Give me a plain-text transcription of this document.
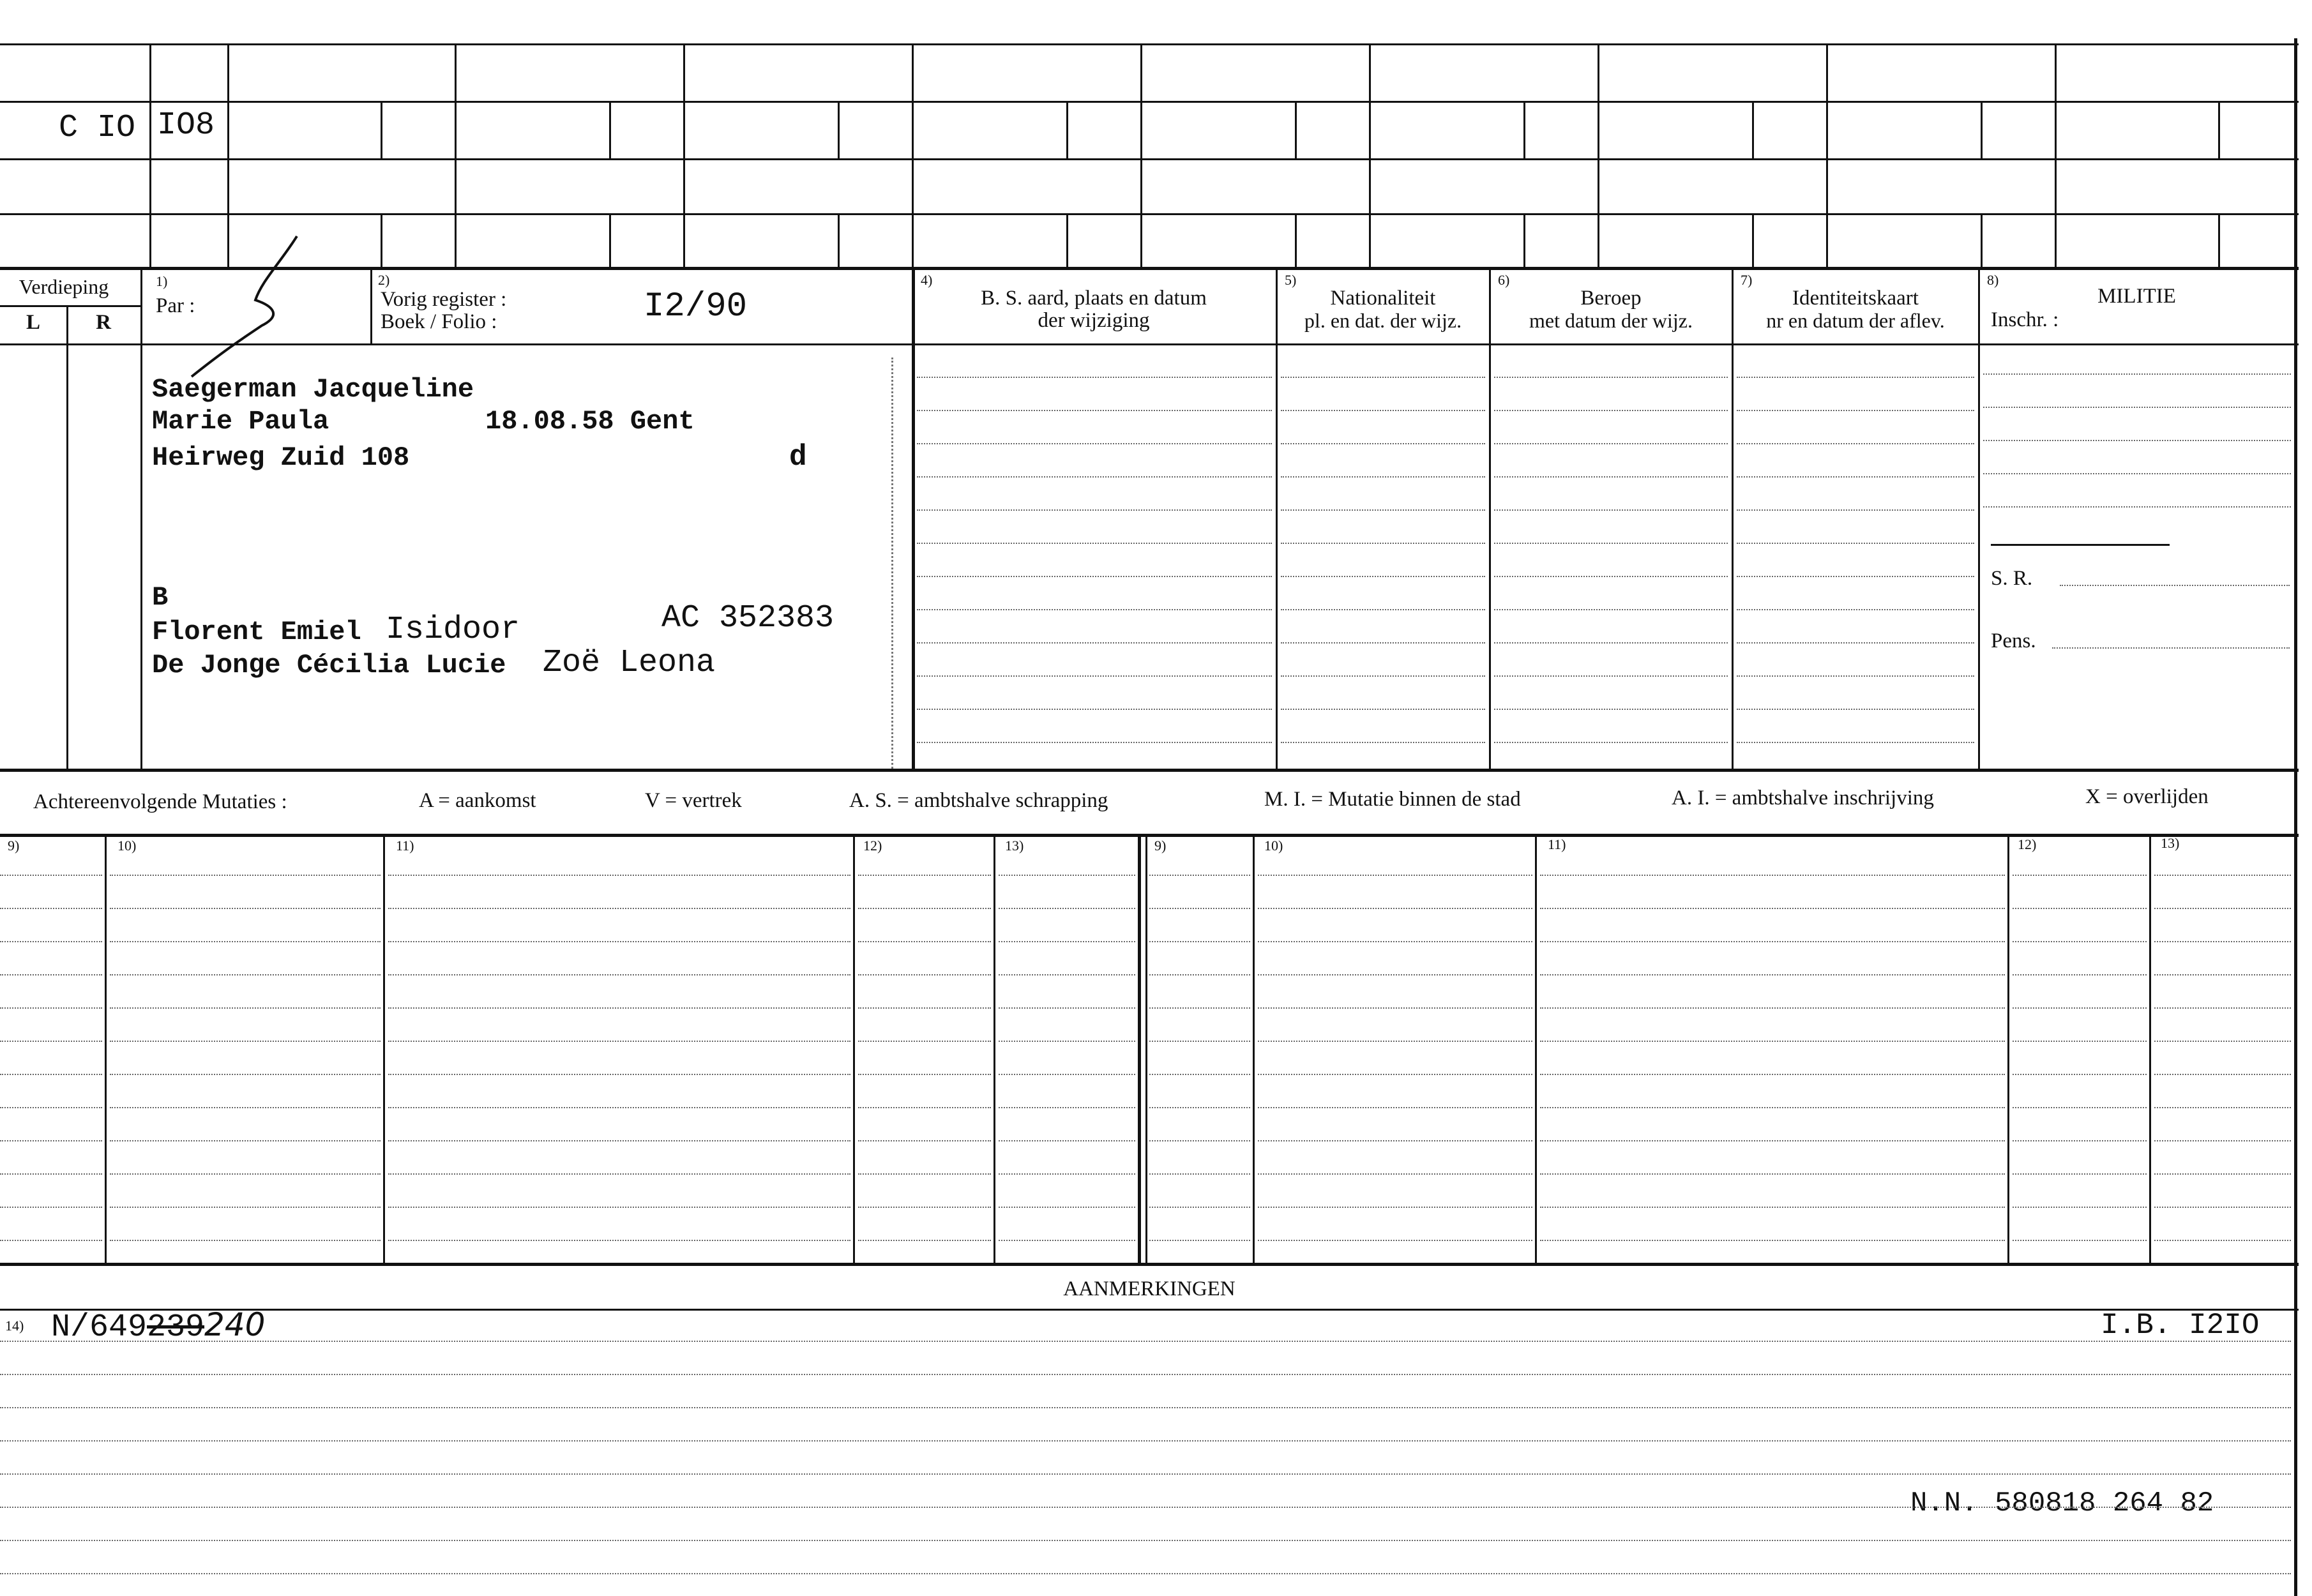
C IO IO8
Verdieping
L	R
1)
Par :
2)
Vorig register :
Boek / Folio :	I2/90
4)
B. S. aard, plaats en datum
der wijziging
5)
Nationaliteit
pl. en dat. der wijz.
6)
Beroep
met datum der wijz.
7)
Identiteitskaart
nr en datum der aflev.
8)
MILITIE
Inschr. :
S. R.
Pens.
Saegerman Jacqueline
Marie Paula	18.08.58 Gent
Heirweg Zuid 108	d
B
Florent Emiel Isidoor	AC 352383
De Jonge Cécilia Lucie Zoë Leona
Achtereenvolgende Mutaties :	A = aankomst	V = vertrek	A. S. = ambtshalve schrapping	M. I. = Mutatie binnen de stad	A. I. = ambtshalve inschrijving	X = overlijden
9)	10)	11)	12)	13)	9)	10)	11)	12)	13)
AANMERKINGEN
14) N/649239240	I.B. I2IO
N.N. 580818 264 82
